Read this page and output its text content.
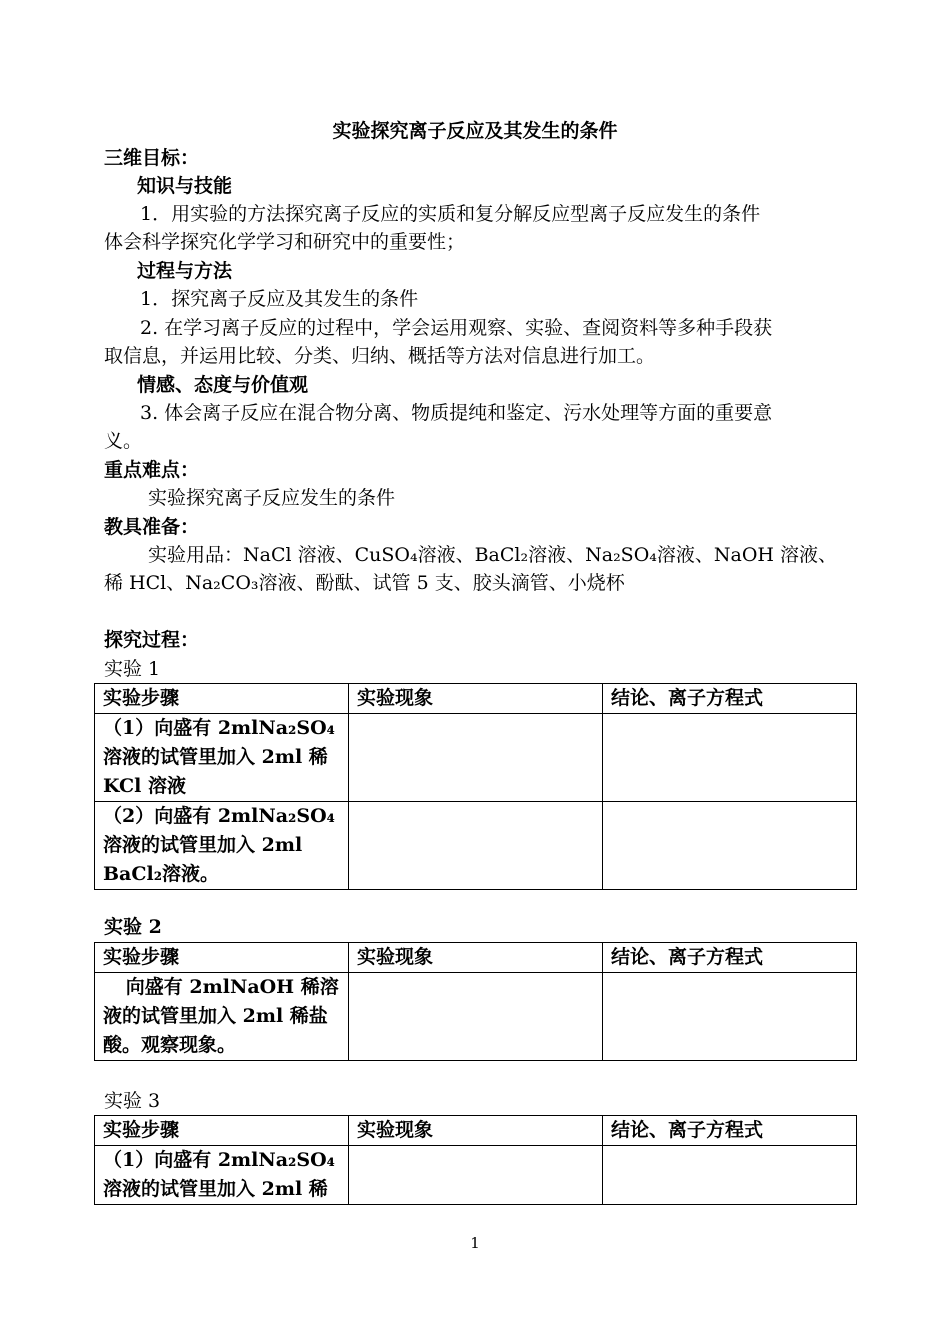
实验探究离子反应及其发生的条件
三维目标：
知识与技能
1．用实验的方法探究离子反应的实质和复分解反应型离子反应发生的条件
体会科学探究化学学习和研究中的重要性；
过程与方法
1．探究离子反应及其发生的条件
2. 在学习离子反应的过程中，学会运用观察、实验、查阅资料等多种手段获
取信息，并运用比较、分类、归纳、概括等方法对信息进行加工。
情感、态度与价值观
3. 体会离子反应在混合物分离、物质提纯和鉴定、污水处理等方面的重要意
义。
重点难点：
实验探究离子反应发生的条件
教具准备：
实验用品：NaCl 溶液、CuSO₄溶液、BaCl₂溶液、Na₂SO₄溶液、NaOH 溶液、
稀 HCl、Na₂CO₃溶液、酚酞、试管 5 支、胶头滴管、小烧杯
探究过程：
实验 1
实验步骤	实验现象	结论、离子方程式
（1）向盛有 2mlNa₂SO₄溶液的试管里加入 2ml 稀 KCl 溶液		
（2）向盛有 2mlNa₂SO₄溶液的试管里加入 2ml BaCl₂溶液。		
实验 2
实验步骤	实验现象	结论、离子方程式
向盛有 2mlNaOH 稀溶液的试管里加入 2ml 稀盐酸。观察现象。		
实验 3
实验步骤	实验现象	结论、离子方程式
（1）向盛有 2mlNa₂SO₄溶液的试管里加入 2ml 稀		
1
